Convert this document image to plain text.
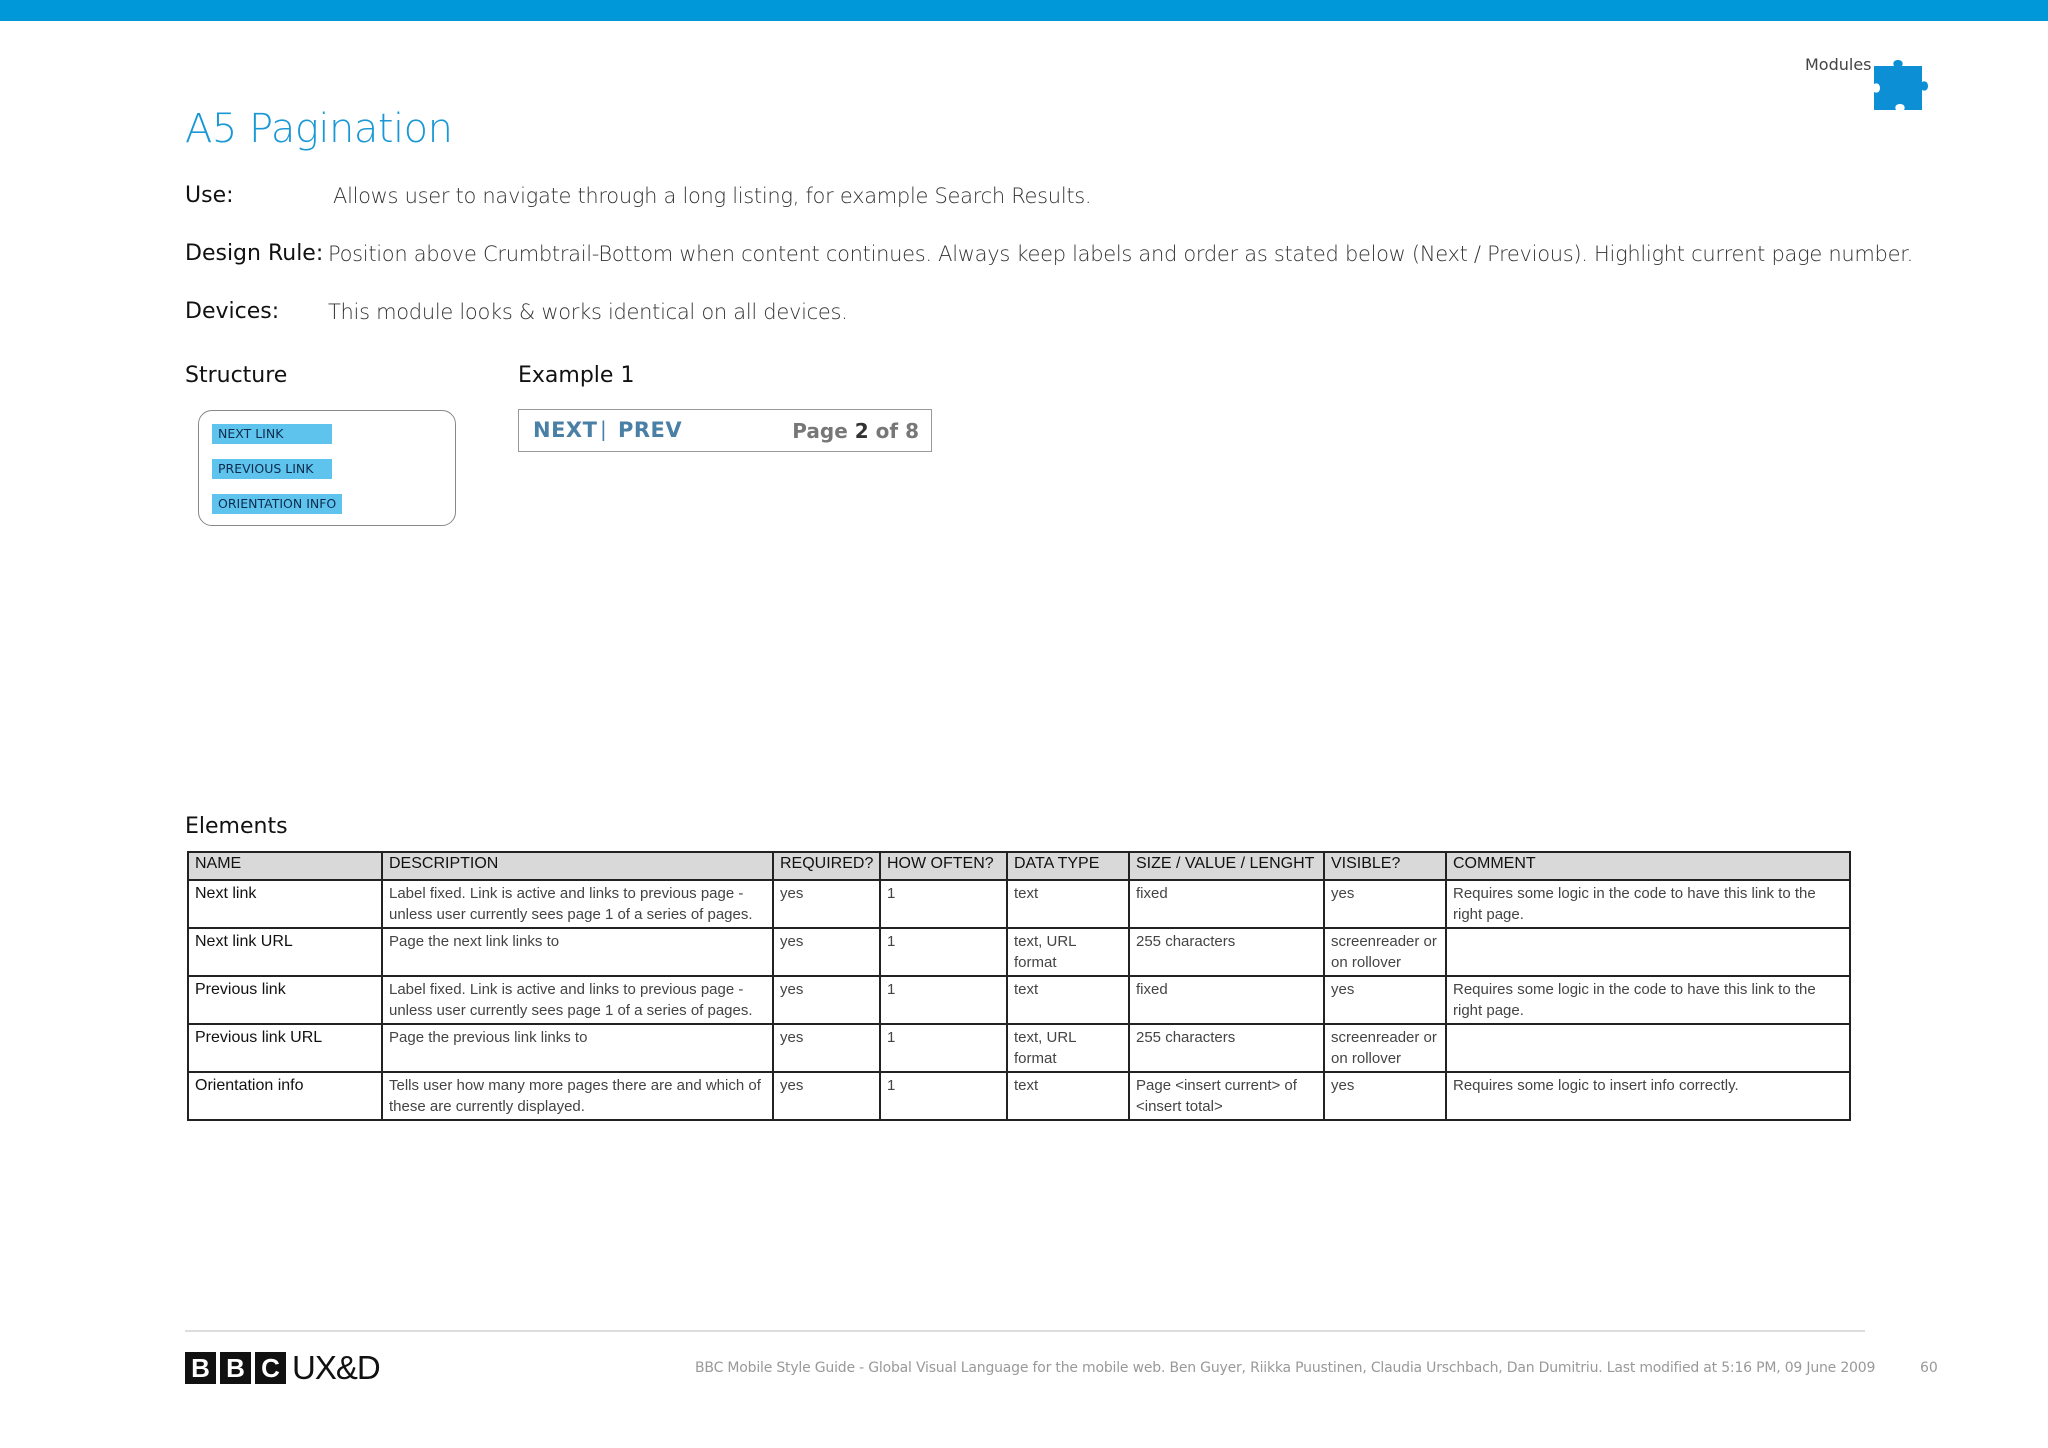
Modules
A5 Pagination
Use:	Allows user to navigate through a long listing, for example Search Results.
Design Rule: Position above Crumbtrail-Bottom when content continues. Always keep labels and order as stated below (Next / Previous). Highlight current page number.
Devices: This module looks & works identical on all devices.
Structure
NEXT LINK
PREVIOUS LINK
ORIENTATION INFO
Example 1
NEXT | PREV	Page 2 of 8
Elements
NAME	DESCRIPTION	REQUIRED?	HOW OFTEN?	DATA TYPE	SIZE / VALUE / LENGHT	VISIBLE?	COMMENT
Next link	Label fixed. Link is active and links to previous page - unless user currently sees page 1 of a series of pages.	yes	1	text	fixed	yes	Requires some logic in the code to have this link to the right page.
Next link URL	Page the next link links to	yes	1	text, URL format	255 characters	screenreader or on rollover	
Previous link	Label fixed. Link is active and links to previous page - unless user currently sees page 1 of a series of pages.	yes	1	text	fixed	yes	Requires some logic in the code to have this link to the right page.
Previous link URL	Page the previous link links to	yes	1	text, URL format	255 characters	screenreader or on rollover	
Orientation info	Tells user how many more pages there are and which of these are currently displayed.	yes	1	text	Page <insert current> of <insert total>	yes	Requires some logic to insert info correctly.
B B C UX&D	BBC Mobile Style Guide - Global Visual Language for the mobile web. Ben Guyer, Riikka Puustinen, Claudia Urschbach, Dan Dumitriu. Last modified at 5:16 PM, 09 June 2009	60
